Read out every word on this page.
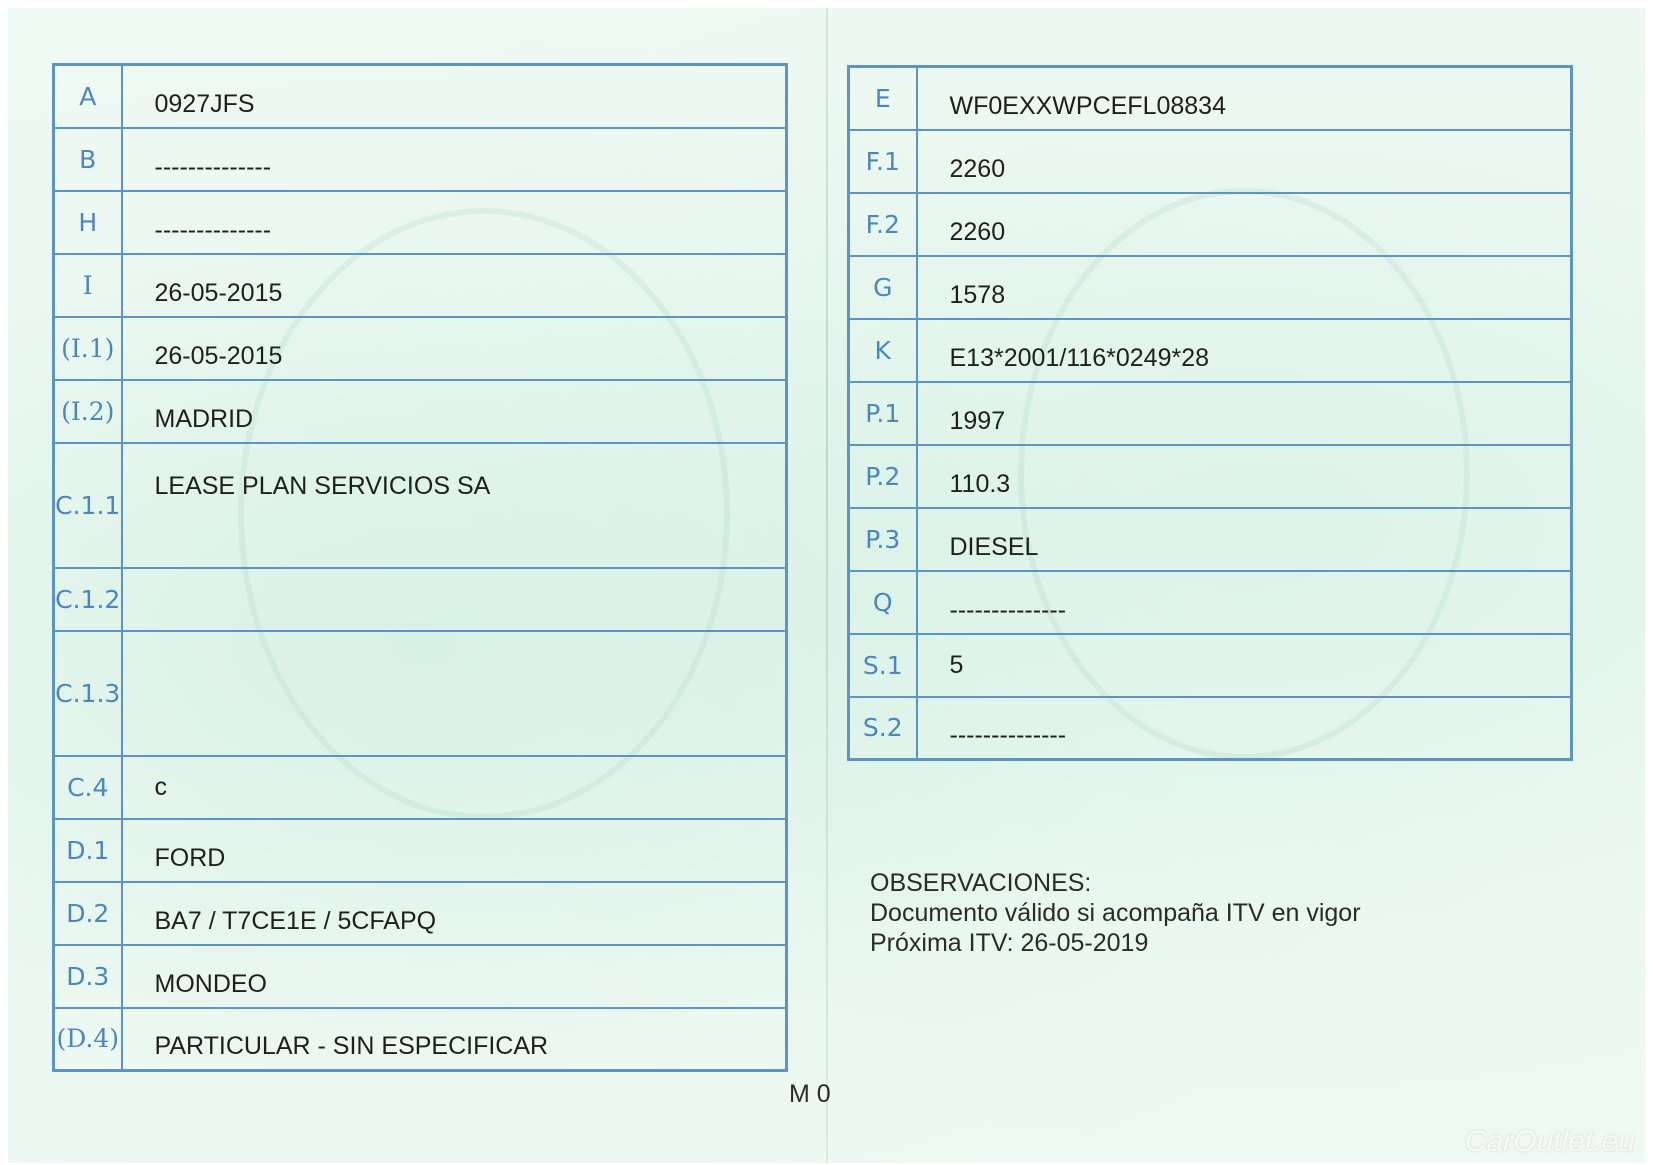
A	0927JFS
B	--------------
H	--------------
I	26-05-2015
(I.1)	26-05-2015
(I.2)	MADRID
C.1.1	LEASE PLAN SERVICIOS SA
C.1.2	
C.1.3	
C.4	c
D.1	FORD
D.2	BA7 / T7CE1E / 5CFAPQ
D.3	MONDEO
(D.4)	PARTICULAR - SIN ESPECIFICAR
E	WF0EXXWPCEFL08834
F.1	2260
F.2	2260
G	1578
K	E13*2001/116*0249*28
P.1	1997
P.2	110.3
P.3	DIESEL
Q	--------------
S.1	5
S.2	--------------
OBSERVACIONES:
Documento válido si acompaña ITV en vigor
Próxima ITV: 26-05-2019
M 0
CarOutlet.eu
